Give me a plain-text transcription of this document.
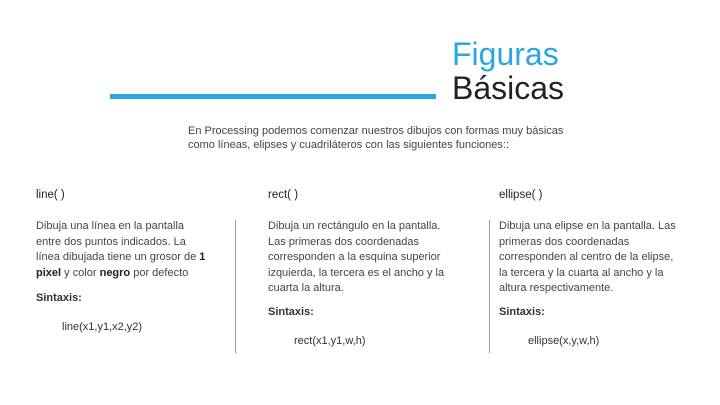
Figuras
Básicas
En Processing podemos comenzar nuestros dibujos con formas muy básicas como líneas, elipses y cuadriláteros con las siguientes funciones::
line( )
Dibuja una línea en la pantalla entre dos puntos indicados. La línea dibujada tiene un grosor de 1 pixel y color negro por defecto
Sintaxis:
line(x1,y1,x2,y2)
rect( )
Dibuja un rectángulo en la pantalla. Las primeras dos coordenadas corresponden a la esquina superior izquierda, la tercera es el ancho y la cuarta la altura.
Sintaxis:
rect(x1,y1,w,h)
ellipse( )
Dibuja una elipse en la pantalla. Las primeras dos coordenadas corresponden al centro de la elipse, la tercera y la cuarta al ancho y la altura respectivamente.
Sintaxis:
ellipse(x,y,w,h)
